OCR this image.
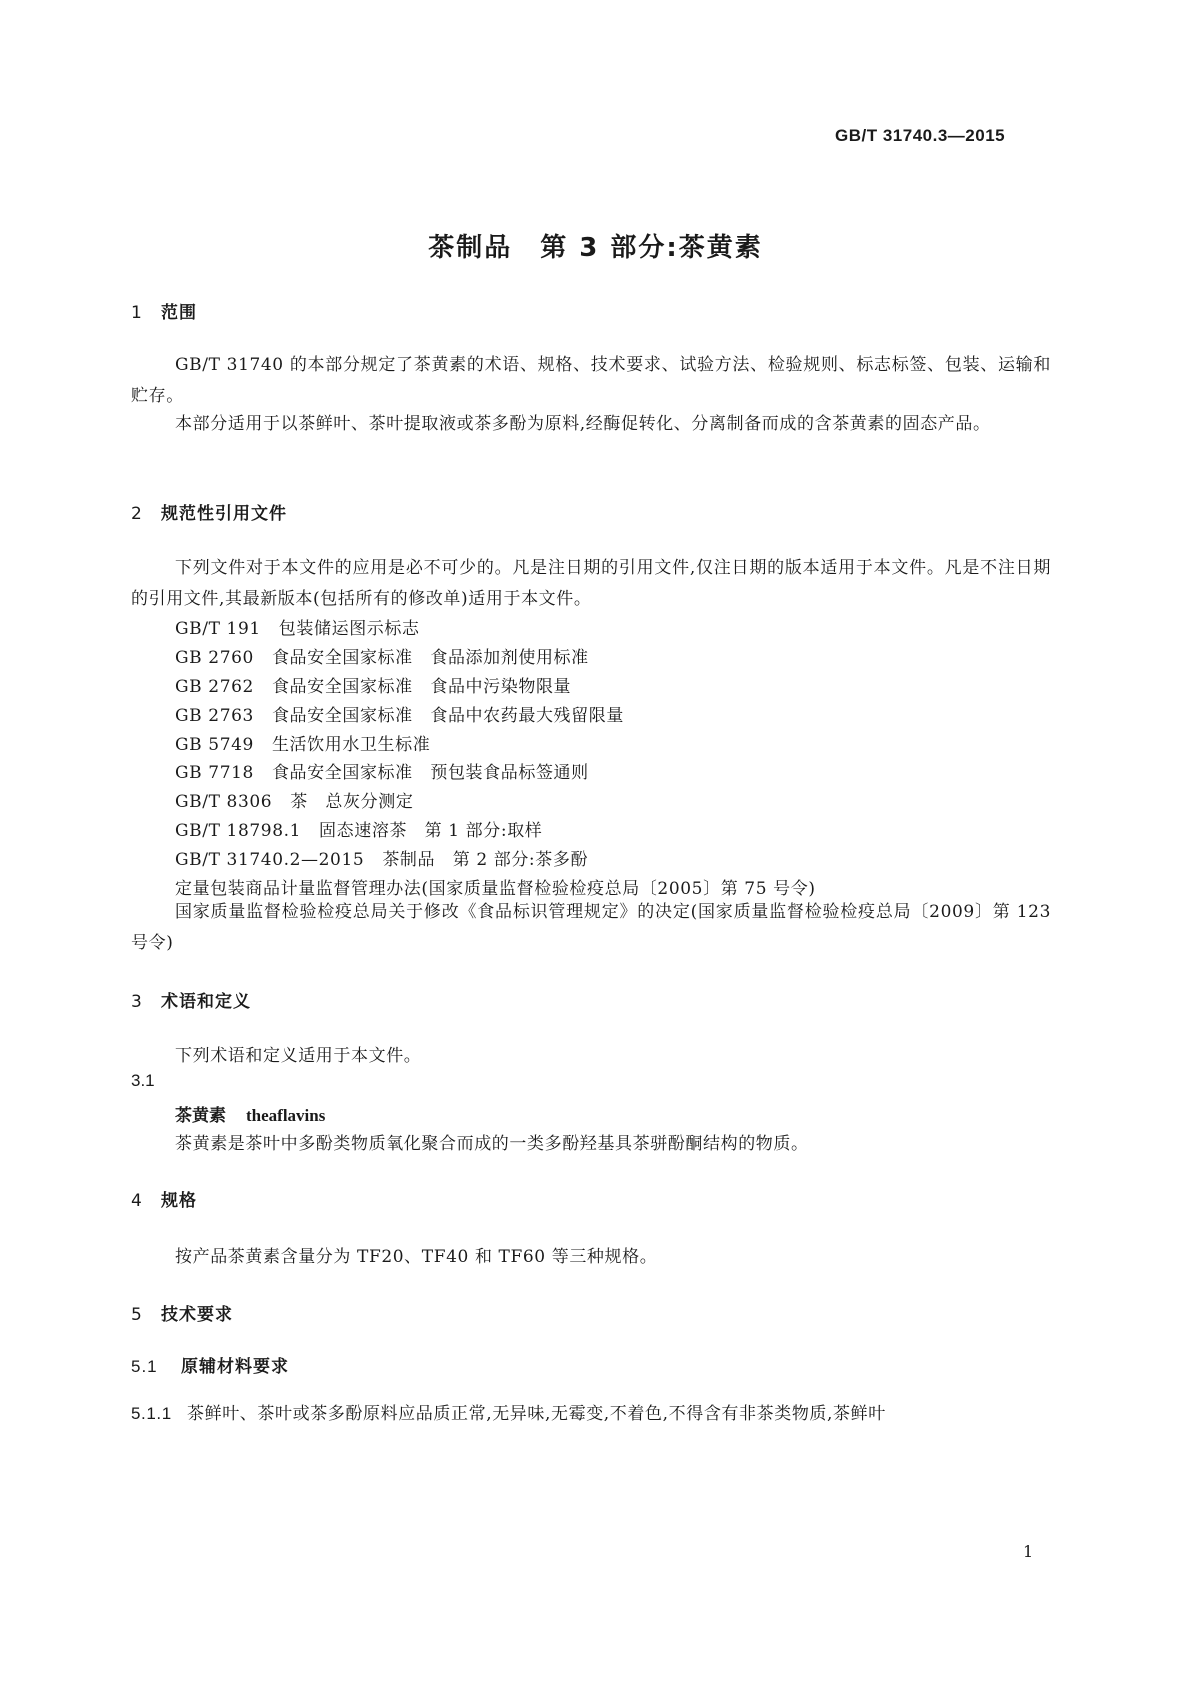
GB/T 31740.3—2015
茶制品　第 3 部分:茶黄素
1 范围

GB/T 31740 的本部分规定了茶黄素的术语、规格、技术要求、试验方法、检验规则、标志标签、包装、运输和贮存。

本部分适用于以茶鲜叶、茶叶提取液或茶多酚为原料,经酶促转化、分离制备而成的含茶黄素的固态产品。

2 规范性引用文件

下列文件对于本文件的应用是必不可少的。凡是注日期的引用文件,仅注日期的版本适用于本文件。凡是不注日期的引用文件,其最新版本(包括所有的修改单)适用于本文件。

GB/T 191 包装储运图示标志
GB 2760 食品安全国家标准　食品添加剂使用标准
GB 2762 食品安全国家标准　食品中污染物限量
GB 2763 食品安全国家标准　食品中农药最大残留限量
GB 5749 生活饮用水卫生标准
GB 7718 食品安全国家标准　预包装食品标签通则
GB/T 8306 茶　总灰分测定
GB/T 18798.1 固态速溶茶　第 1 部分:取样
GB/T 31740.2—2015 茶制品　第 2 部分:茶多酚
定量包装商品计量监督管理办法(国家质量监督检验检疫总局〔2005〕第 75 号令)

国家质量监督检验检疫总局关于修改《食品标识管理规定》的决定(国家质量监督检验检疫总局〔2009〕第 123 号令)

3 术语和定义
下列术语和定义适用于本文件。
3.1
茶黄素 theaflavins
茶黄素是茶叶中多酚类物质氧化聚合而成的一类多酚羟基具茶骈酚酮结构的物质。
4 规格
按产品茶黄素含量分为 TF20、TF40 和 TF60 等三种规格。
5 技术要求
5.1 原辅材料要求
5.1.1 茶鲜叶、茶叶或茶多酚原料应品质正常,无异味,无霉变,不着色,不得含有非茶类物质,茶鲜叶
1
